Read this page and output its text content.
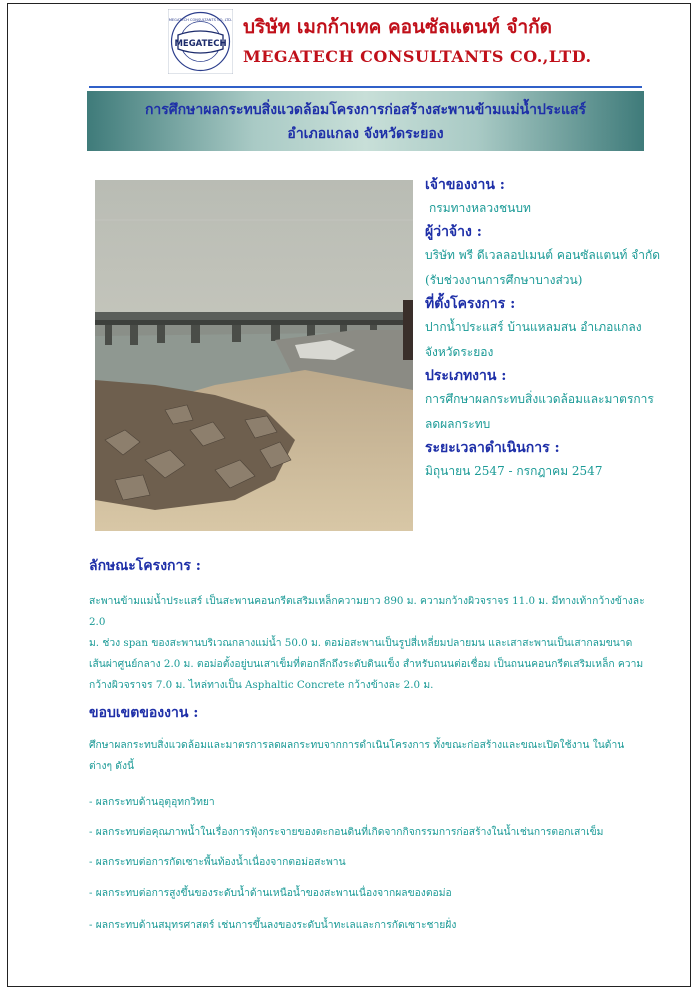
MEGATECH
MEGATECH CONSULTANTS CO.,LTD. บริษัท เมกก้าเทค คอนซัลแตนท์ จำกัด
MEGATECH CONSULTANTS CO.,LTD.
การศึกษาผลกระทบสิ่งแวดล้อมโครงการก่อสร้างสะพานข้ามแม่น้ำประแสร์
อำเภอแกลง จังหวัดระยอง
เจ้าของงาน :
กรมทางหลวงชนบท
ผู้ว่าจ้าง :
บริษัท พรี ดีเวลลอปเมนต์ คอนซัลแตนท์ จำกัด
(รับช่วงงานการศึกษาบางส่วน)
ที่ตั้งโครงการ :
ปากน้ำประแสร์ บ้านแหลมสน อำเภอแกลง
จังหวัดระยอง
ประเภทงาน :
การศึกษาผลกระทบสิ่งแวดล้อมและมาตรการ
ลดผลกระทบ
ระยะเวลาดำเนินการ :
มิถุนายน 2547 - กรกฎาคม 2547
ลักษณะโครงการ :
สะพานข้ามแม่น้ำประแสร์ เป็นสะพานคอนกรีตเสริมเหล็กความยาว 890 ม. ความกว้างผิวจราจร 11.0 ม. มีทางเท้ากว้างข้างละ 2.0
ม. ช่วง span ของสะพานบริเวณกลางแม่น้ำ 50.0 ม. ตอม่อสะพานเป็นรูปสี่เหลี่ยมปลายมน และเสาสะพานเป็นเสากลมขนาด
เส้นผ่าศูนย์กลาง 2.0 ม. ตอม่อตั้งอยู่บนเสาเข็มที่ตอกลึกถึงระดับดินแข็ง สำหรับถนนต่อเชื่อม เป็นถนนคอนกรีตเสริมเหล็ก ความ
กว้างผิวจราจร 7.0 ม. ไหล่ทางเป็น Asphaltic Concrete กว้างข้างละ 2.0 ม.
ขอบเขตของงาน :
ศึกษาผลกระทบสิ่งแวดล้อมและมาตรการลดผลกระทบจากการดำเนินโครงการ ทั้งขณะก่อสร้างและขณะเปิดใช้งาน ในด้าน
ต่างๆ ดังนี้
- ผลกระทบด้านอุตุอุทกวิทยา
- ผลกระทบต่อคุณภาพน้ำในเรื่องการฟุ้งกระจายของตะกอนดินที่เกิดจากกิจกรรมการก่อสร้างในน้ำเช่นการตอกเสาเข็ม
- ผลกระทบต่อการกัดเซาะพื้นท้องน้ำเนื่องจากตอม่อสะพาน
- ผลกระทบต่อการสูงขึ้นของระดับน้ำด้านเหนือน้ำของสะพานเนื่องจากผลของตอม่อ
- ผลกระทบด้านสมุทรศาสตร์ เช่นการขึ้นลงของระดับน้ำทะเลและการกัดเซาะชายฝั่ง
